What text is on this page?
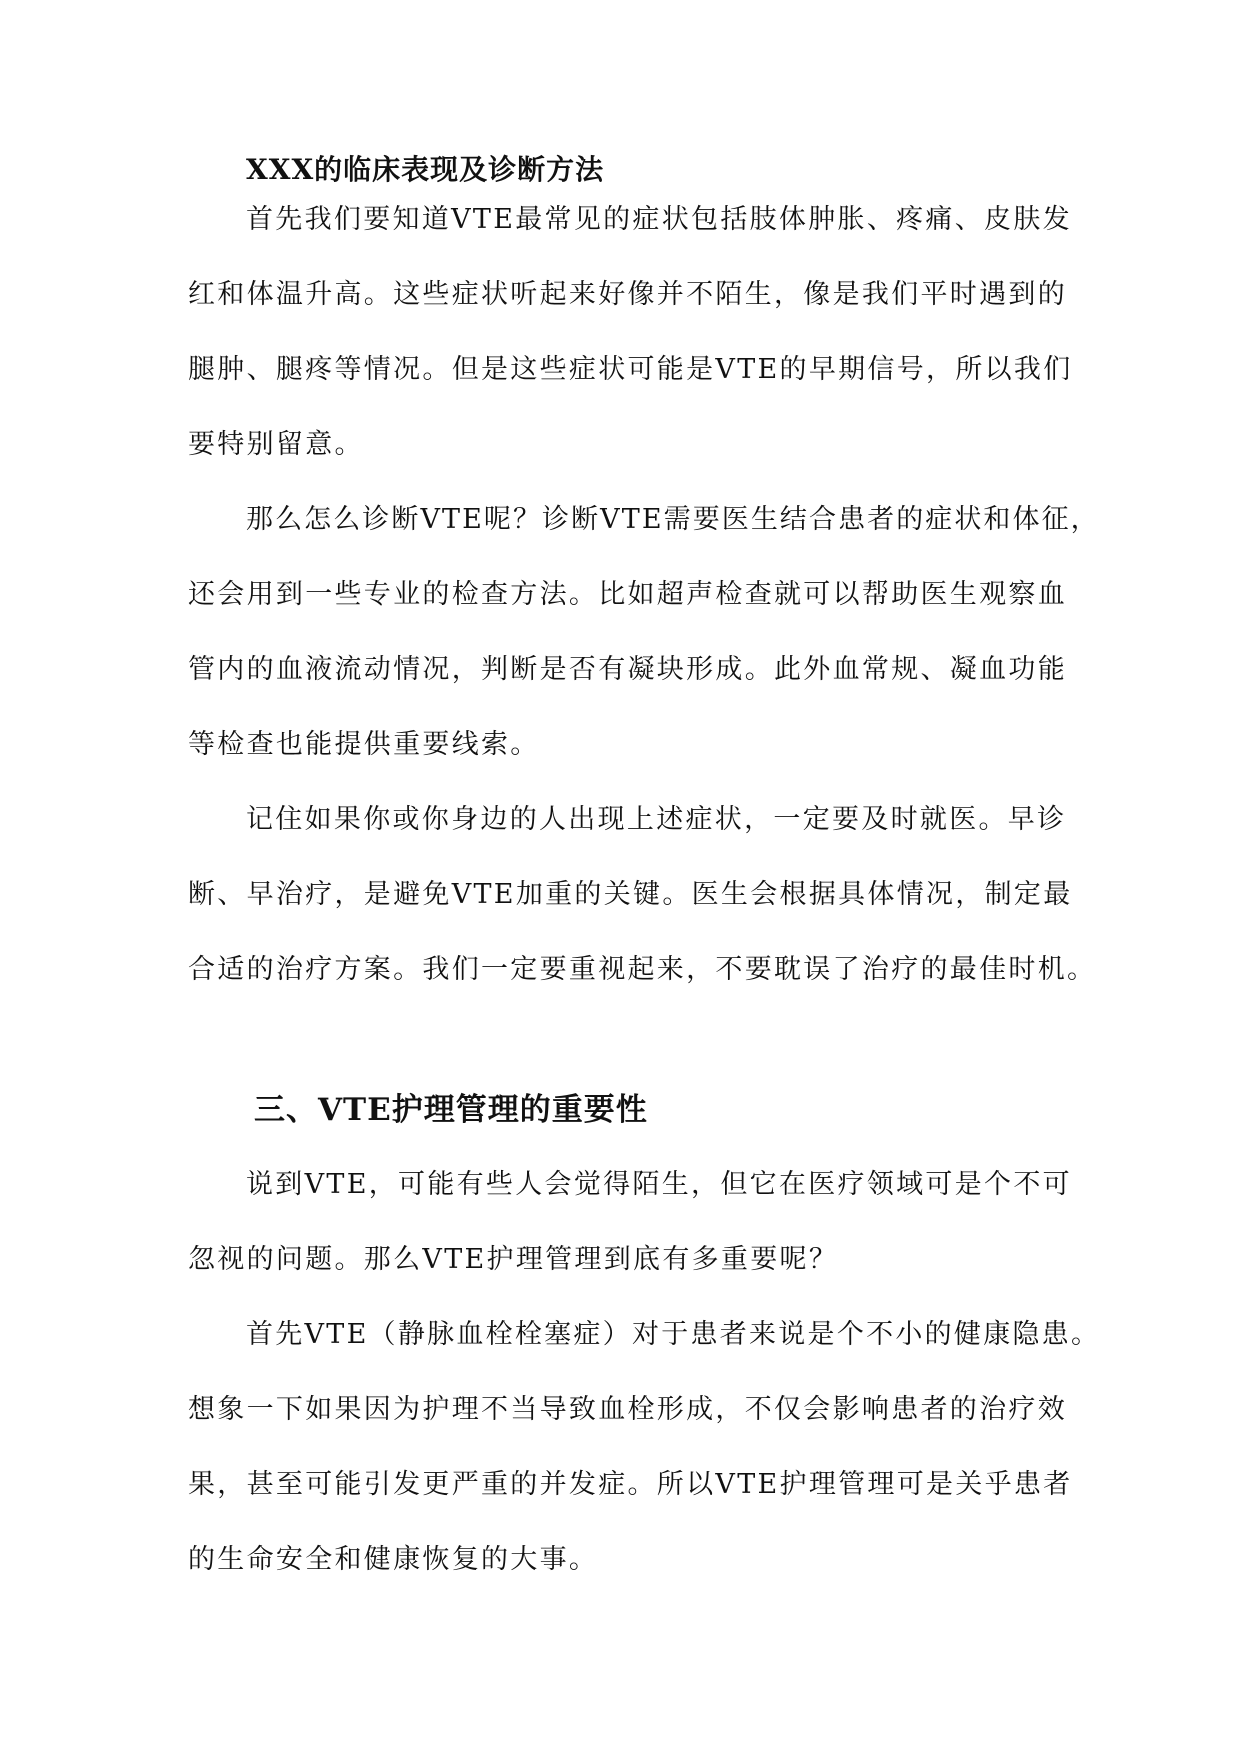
XXX的临床表现及诊断方法
首先我们要知道VTE最常见的症状包括肢体肿胀、疼痛、皮肤发
红和体温升高。这些症状听起来好像并不陌生，像是我们平时遇到的
腿肿、腿疼等情况。但是这些症状可能是VTE的早期信号，所以我们
要特别留意。
那么怎么诊断VTE呢？诊断VTE需要医生结合患者的症状和体征，
还会用到一些专业的检查方法。比如超声检查就可以帮助医生观察血
管内的血液流动情况，判断是否有凝块形成。此外血常规、凝血功能
等检查也能提供重要线索。
记住如果你或你身边的人出现上述症状，一定要及时就医。早诊
断、早治疗，是避免VTE加重的关键。医生会根据具体情况，制定最
合适的治疗方案。我们一定要重视起来，不要耽误了治疗的最佳时机。
三、VTE护理管理的重要性
说到VTE，可能有些人会觉得陌生，但它在医疗领域可是个不可
忽视的问题。那么VTE护理管理到底有多重要呢？
首先VTE（静脉血栓栓塞症）对于患者来说是个不小的健康隐患。
想象一下如果因为护理不当导致血栓形成，不仅会影响患者的治疗效
果，甚至可能引发更严重的并发症。所以VTE护理管理可是关乎患者
的生命安全和健康恢复的大事。
